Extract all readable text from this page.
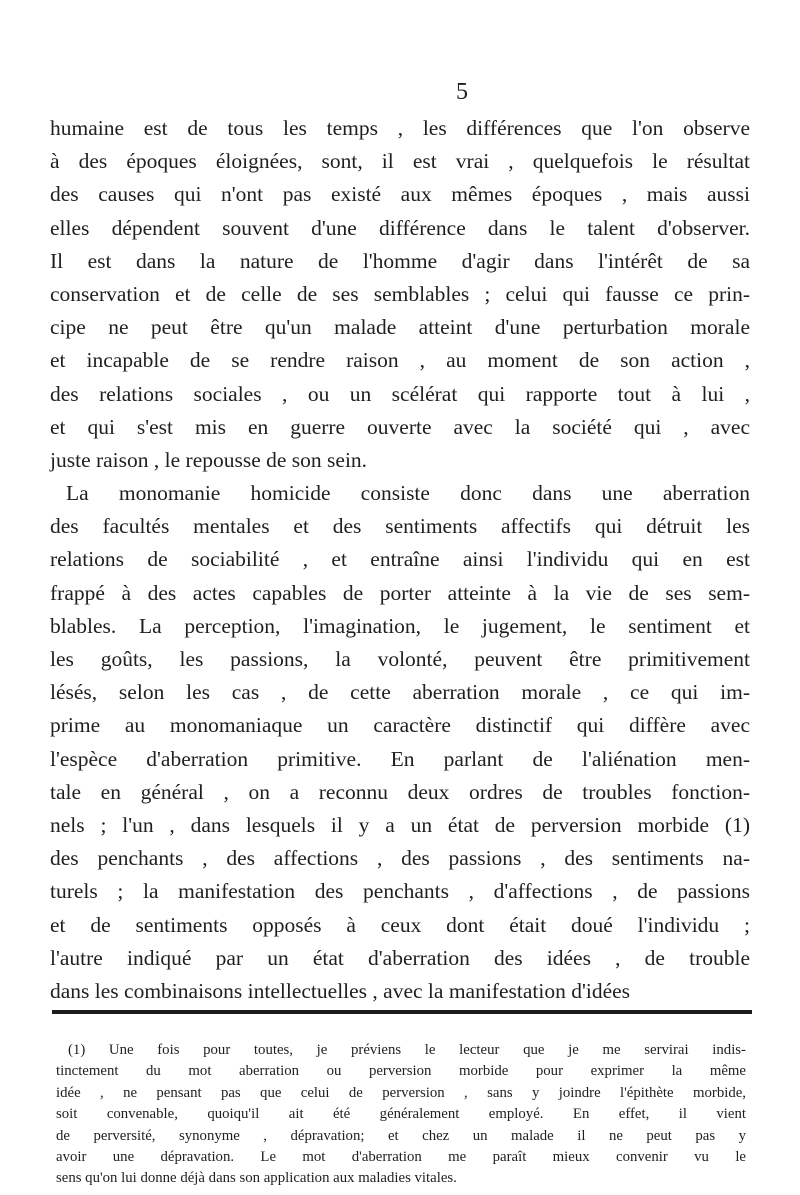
5
humaine est de tous les temps , les différences que l'on observe
à des époques éloignées, sont, il est vrai , quelquefois le résultat
des causes qui n'ont pas existé aux mêmes époques , mais aussi
elles dépendent souvent d'une différence dans le talent d'observer.
Il est dans la nature de l'homme d'agir dans l'intérêt de sa
conservation et de celle de ses semblables ; celui qui fausse ce prin-
cipe ne peut être qu'un malade atteint d'une perturbation morale
et incapable de se rendre raison , au moment de son action ,
des relations sociales , ou un scélérat qui rapporte tout à lui ,
et qui s'est mis en guerre ouverte avec la société qui , avec
juste raison , le repousse de son sein.
La monomanie homicide consiste donc dans une aberration
des facultés mentales et des sentiments affectifs qui détruit les
relations de sociabilité , et entraîne ainsi l'individu qui en est
frappé à des actes capables de porter atteinte à la vie de ses sem-
blables. La perception, l'imagination, le jugement, le sentiment et
les goûts, les passions, la volonté, peuvent être primitivement
lésés, selon les cas , de cette aberration morale , ce qui im-
prime au monomaniaque un caractère distinctif qui diffère avec
l'espèce d'aberration primitive. En parlant de l'aliénation men-
tale en général , on a reconnu deux ordres de troubles fonction-
nels ; l'un , dans lesquels il y a un état de perversion morbide (1)
des penchants , des affections , des passions , des sentiments na-
turels ; la manifestation des penchants , d'affections , de passions
et de sentiments opposés à ceux dont était doué l'individu ;
l'autre indiqué par un état d'aberration des idées , de trouble
dans les combinaisons intellectuelles , avec la manifestation d'idées
(1) Une fois pour toutes, je préviens le lecteur que je me servirai indis-
tinctement du mot aberration ou perversion morbide pour exprimer la même
idée , ne pensant pas que celui de perversion , sans y joindre l'épithète morbide,
soit convenable, quoiqu'il ait été généralement employé. En effet, il vient
de perversité, synonyme , dépravation; et chez un malade il ne peut pas y
avoir une dépravation. Le mot d'aberration me paraît mieux convenir vu le
sens qu'on lui donne déjà dans son application aux maladies vitales.
